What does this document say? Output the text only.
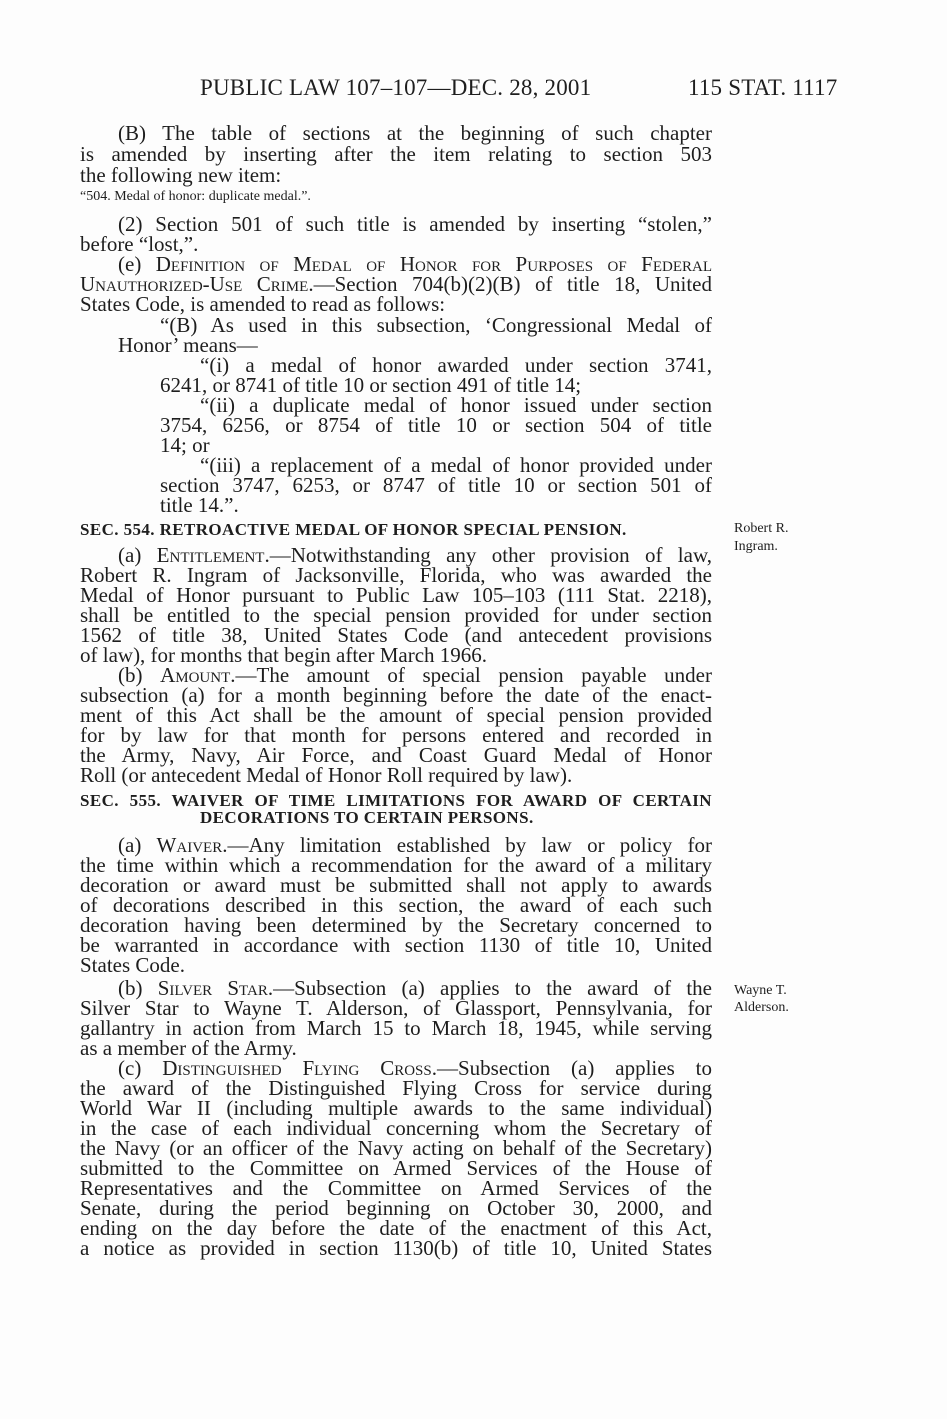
PUBLIC LAW 107–107—DEC. 28, 2001	115 STAT. 1117
(B) The table of sections at the beginning of such chapter
is amended by inserting after the item relating to section 503
the following new item:
“504. Medal of honor: duplicate medal.”.
(2) Section 501 of such title is amended by inserting “stolen,”
before “lost,”.
(e) Definition of Medal of Honor for Purposes of Federal
Unauthorized-Use Crime.—Section 704(b)(2)(B) of title 18, United
States Code, is amended to read as follows:
“(B) As used in this subsection, ‘Congressional Medal of
Honor’ means—
“(i) a medal of honor awarded under section 3741,
6241, or 8741 of title 10 or section 491 of title 14;
“(ii) a duplicate medal of honor issued under section
3754, 6256, or 8754 of title 10 or section 504 of title
14; or
“(iii) a replacement of a medal of honor provided under
section 3747, 6253, or 8747 of title 10 or section 501 of
title 14.”.
SEC. 554. RETROACTIVE MEDAL OF HONOR SPECIAL PENSION.	Robert R.
Ingram.
(a) Entitlement.—Notwithstanding any other provision of law,
Robert R. Ingram of Jacksonville, Florida, who was awarded the
Medal of Honor pursuant to Public Law 105–103 (111 Stat. 2218),
shall be entitled to the special pension provided for under section
1562 of title 38, United States Code (and antecedent provisions
of law), for months that begin after March 1966.
(b) Amount.—The amount of special pension payable under
subsection (a) for a month beginning before the date of the enact-
ment of this Act shall be the amount of special pension provided
for by law for that month for persons entered and recorded in
the Army, Navy, Air Force, and Coast Guard Medal of Honor
Roll (or antecedent Medal of Honor Roll required by law).
SEC. 555. WAIVER OF TIME LIMITATIONS FOR AWARD OF CERTAIN
DECORATIONS TO CERTAIN PERSONS.
(a) Waiver.—Any limitation established by law or policy for
the time within which a recommendation for the award of a military
decoration or award must be submitted shall not apply to awards
of decorations described in this section, the award of each such
decoration having been determined by the Secretary concerned to
be warranted in accordance with section 1130 of title 10, United
States Code.
(b) Silver Star.—Subsection (a) applies to the award of the Wayne T.
Alderson.
Silver Star to Wayne T. Alderson, of Glassport, Pennsylvania, for
gallantry in action from March 15 to March 18, 1945, while serving
as a member of the Army.
(c) Distinguished Flying Cross.—Subsection (a) applies to
the award of the Distinguished Flying Cross for service during
World War II (including multiple awards to the same individual)
in the case of each individual concerning whom the Secretary of
the Navy (or an officer of the Navy acting on behalf of the Secretary)
submitted to the Committee on Armed Services of the House of
Representatives and the Committee on Armed Services of the
Senate, during the period beginning on October 30, 2000, and
ending on the day before the date of the enactment of this Act,
a notice as provided in section 1130(b) of title 10, United States
